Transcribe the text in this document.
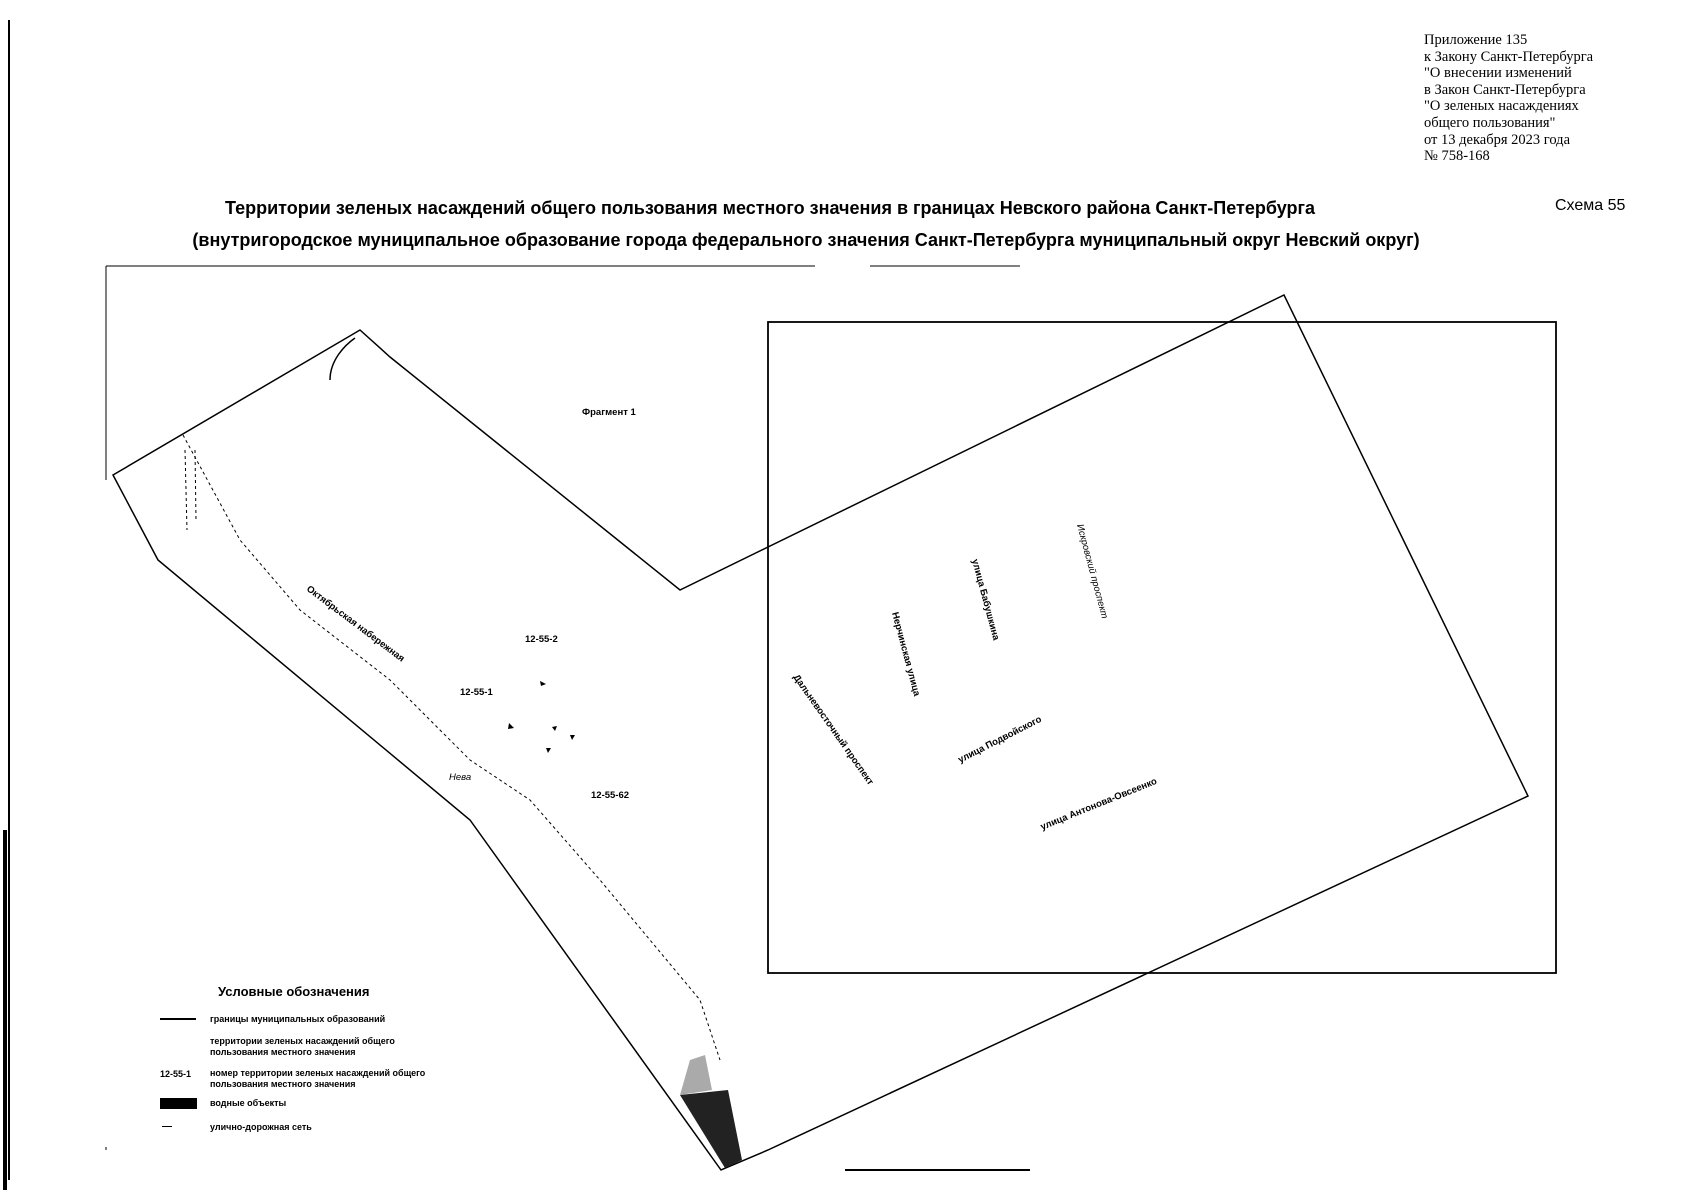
Приложение 135
к Закону Санкт-Петербурга
"О внесении изменений
в Закон Санкт-Петербурга
"О зеленых насаждениях
общего пользования"
от 13 декабря 2023 года
№ 758-168
Схема 55
Территории зеленых насаждений общего пользования местного значения в границах Невского района Санкт-Петербурга
(внутригородское муниципальное образование города федерального значения Санкт-Петербурга муниципальный округ Невский округ)
Фрагмент 1
12-55-2
12-55-1
12-55-62
Нева
Октябрьская набережная
Дальневосточный проспект
Нерчинская улица
улица Бабушкина	Искровский проспект
улица Подвойского
улица Антонова-Овсеенко
Условные обозначения
границы муниципальных образований
территории зеленых насаждений общего пользования местного значения
12-55-1 номер территории зеленых насаждений общего пользования местного значения
водные объекты
улично-дорожная сеть
